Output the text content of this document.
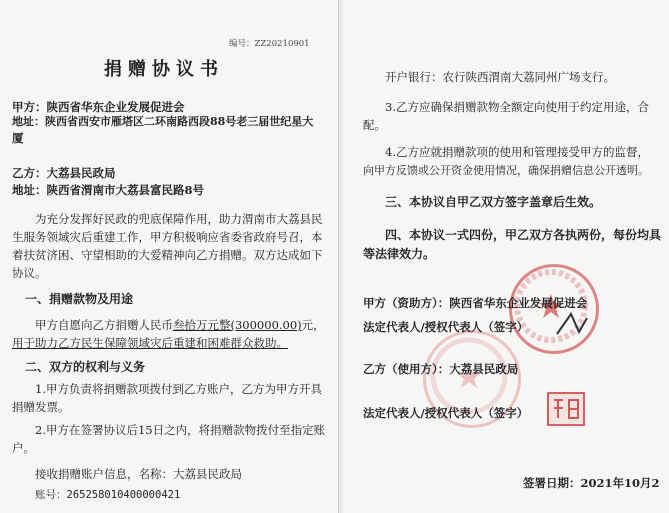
编号：ZZ20210901
捐赠协议书
甲方：陕西省华东企业发展促进会
地址：陕西省西安市雁塔区二环南路西段88号老三届世纪星大
厦
乙方：大荔县民政局
地址：陕西省渭南市大荔县富民路8号
为充分发挥好民政的兜底保障作用，助力渭南市大荔县民
生服务领域灾后重建工作，甲方积极响应省委省政府号召，本
着扶贫济困、守望相助的大爱精神向乙方捐赠。双方达成如下
协议。
一、捐赠款物及用途
甲方自愿向乙方捐赠人民币叁拾万元整(300000.00)元，
用于助力乙方民生保障领域灾后重建和困难群众救助。
二、双方的权利与义务
1.甲方负责将捐赠款项拨付到乙方账户，乙方为甲方开具
捐赠发票。
2.甲方在签署协议后15日之内，将捐赠款物拨付至指定账
户。
接收捐赠账户信息，名称：大荔县民政局
账号：265258010400000421
开户银行：农行陕西渭南大荔同州广场支行。
3.乙方应确保捐赠款物全额定向使用于约定用途，合
配。
4.乙方应就捐赠款项的使用和管理接受甲方的监督，
向甲方反馈或公开资金使用情况，确保捐赠信息公开透明。
三、本协议自甲乙双方签字盖章后生效。
四、本协议一式四份，甲乙双方各执两份，每份均具
等法律效力。
甲方（资助方）：陕西省华东企业发展促进会
法定代表人/授权代表人（签字）
乙方（使用方）：大荔县民政局
法定代表人/授权代表人（签字）
签署日期：2021年10月2
